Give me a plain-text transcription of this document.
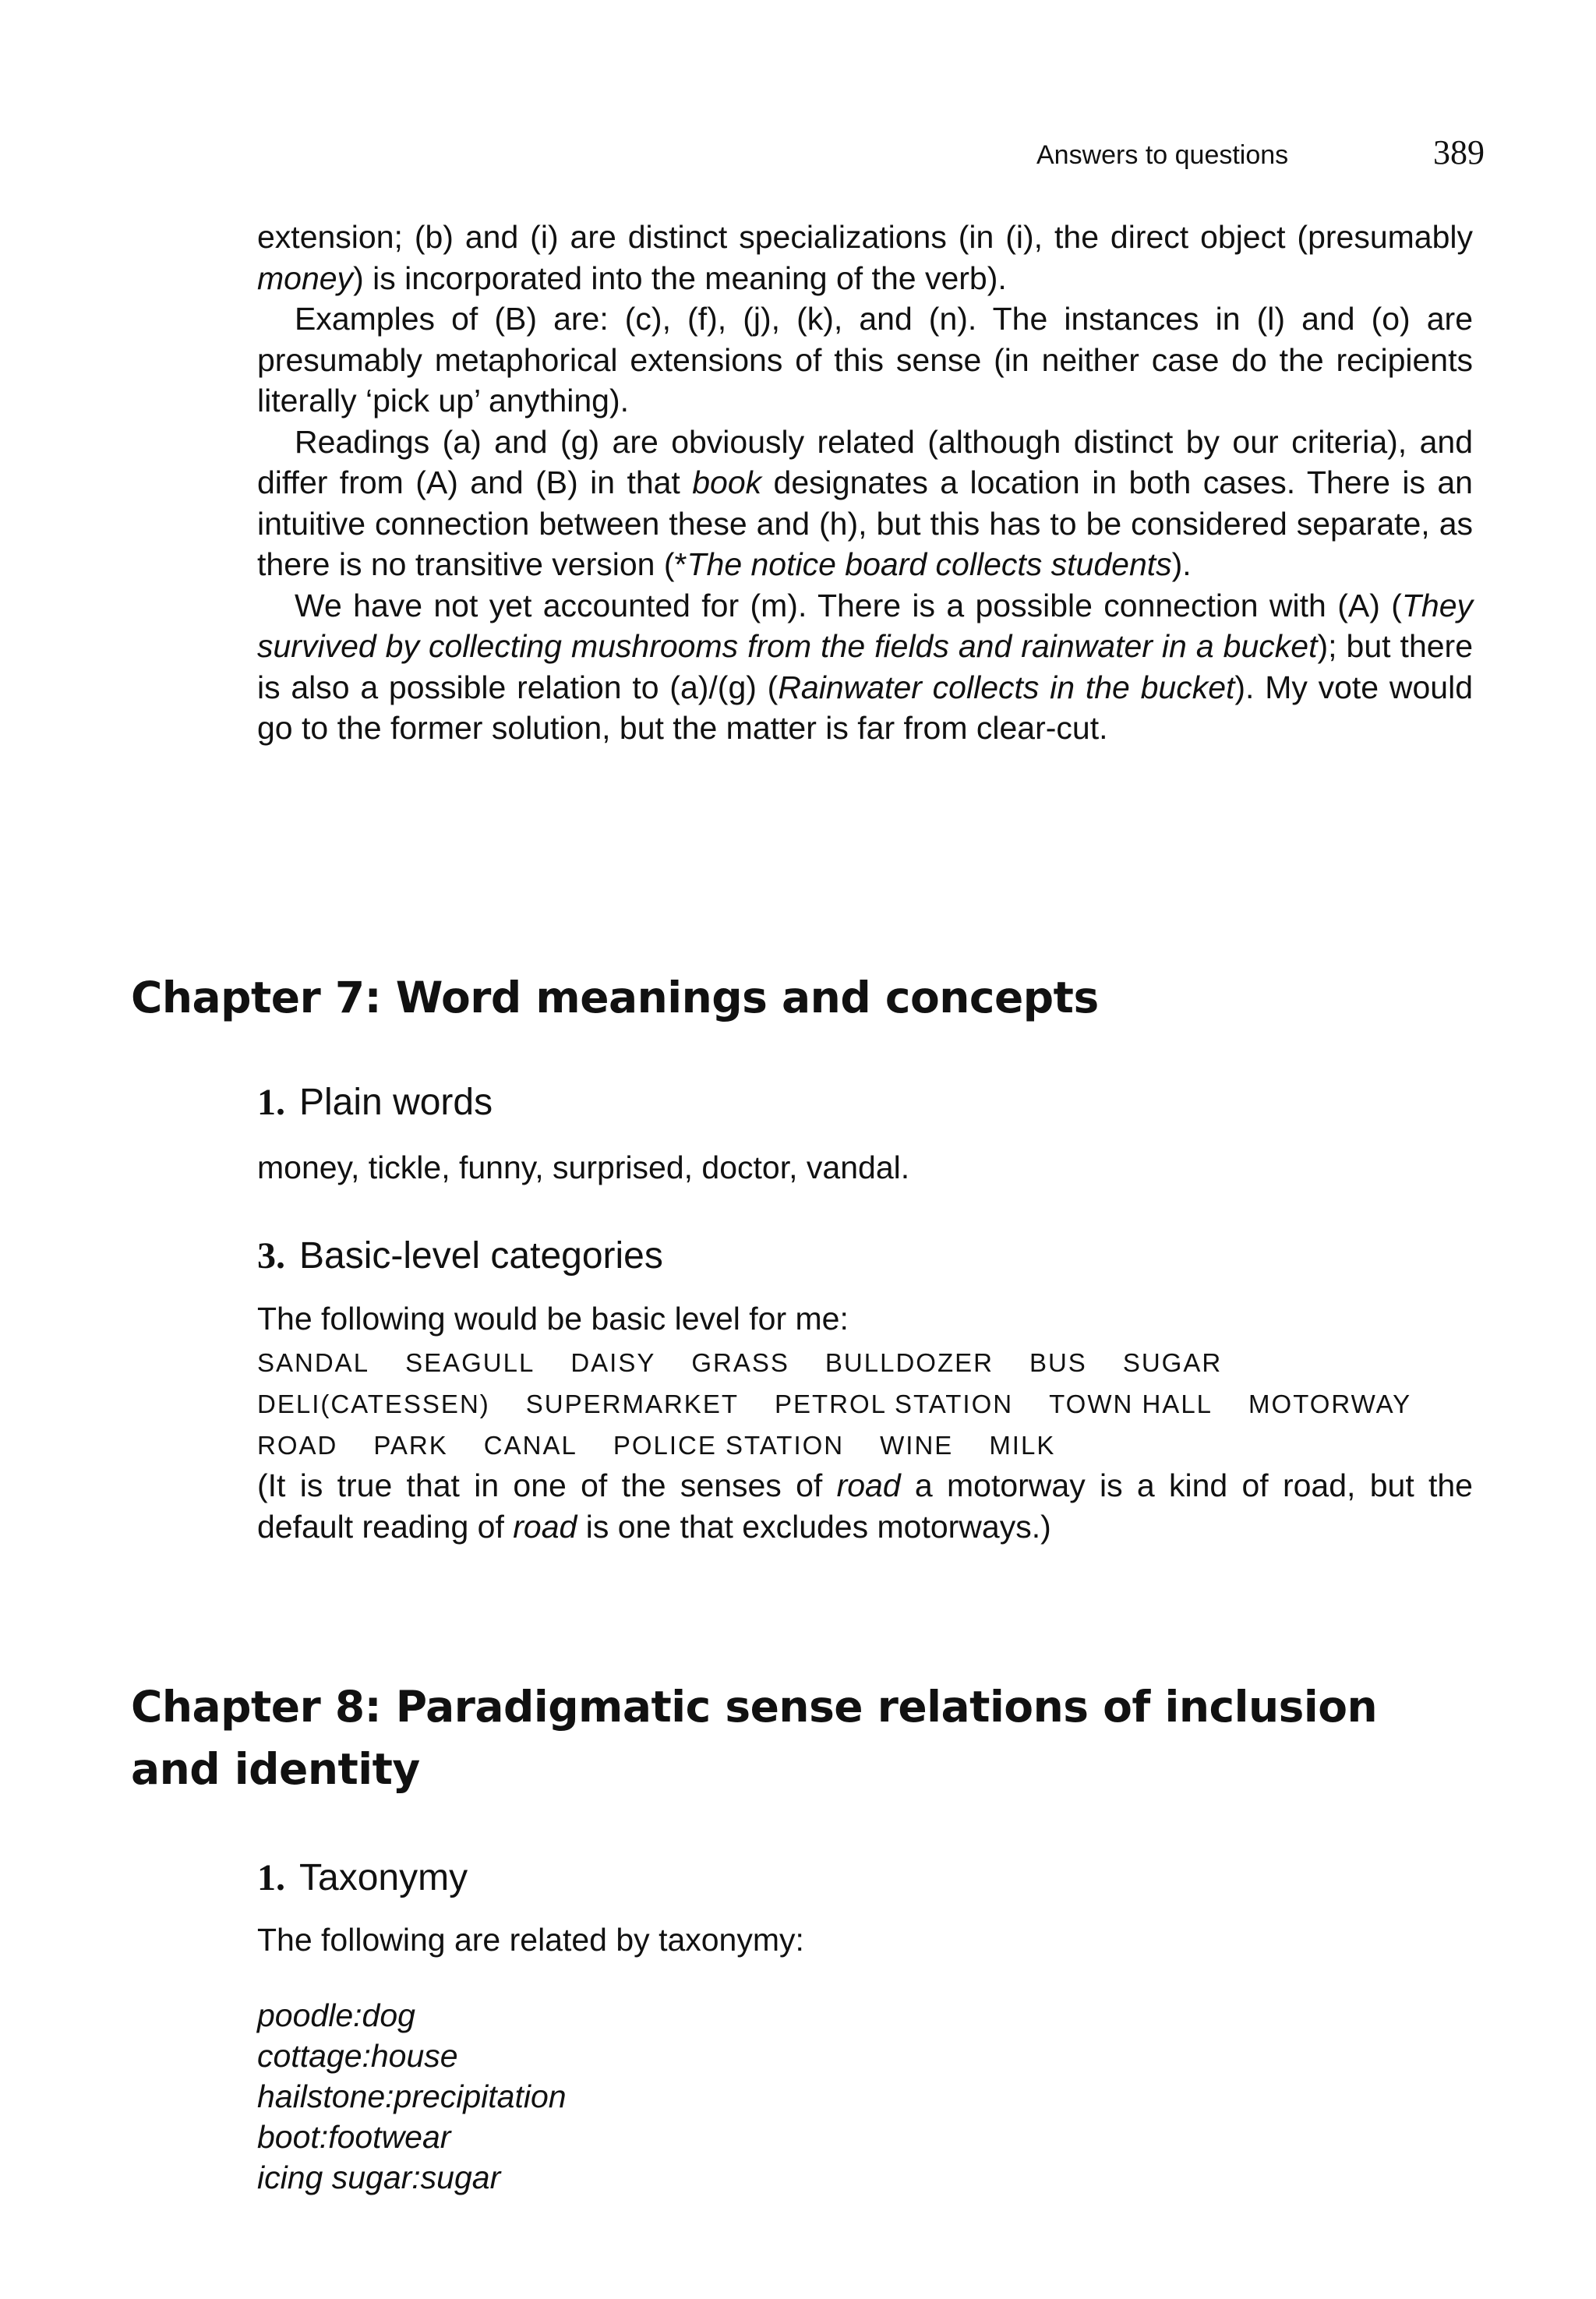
Answers to questions	389

extension; (b) and (i) are distinct specializations (in (i), the direct object (presumably money) is incorporated into the meaning of the verb).

Examples of (B) are: (c), (f), (j), (k), and (n). The instances in (l) and (o) are presumably metaphorical extensions of this sense (in neither case do the recipients literally ‘pick up’ anything).

Readings (a) and (g) are obviously related (although distinct by our criteria), and differ from (A) and (B) in that book designates a location in both cases. There is an intuitive connection between these and (h), but this has to be considered separate, as there is no transitive version (*The notice board collects students).

We have not yet accounted for (m). There is a possible connection with (A) (They survived by collecting mushrooms from the fields and rainwater in a bucket); but there is also a possible relation to (a)/(g) (Rainwater collects in the bucket). My vote would go to the former solution, but the matter is far from clear-cut.

Chapter 7: Word meanings and concepts
1. Plain words

money, tickle, funny, surprised, doctor, vandal.

3. Basic-level categories

The following would be basic level for me:

SANDAL SEAGULL DAISY GRASS BULLDOZER BUS SUGAR
DELI(CATESSEN) SUPERMARKET PETROL STATION TOWN HALL MOTORWAY
ROAD PARK CANAL POLICE STATION WINE MILK

(It is true that in one of the senses of road a motorway is a kind of road, but the default reading of road is one that excludes motorways.)

Chapter 8: Paradigmatic sense relations of inclusion and identity
1. Taxonymy

The following are related by taxonymy:

poodle:dog
cottage:house
hailstone:precipitation
boot:footwear
icing sugar:sugar
